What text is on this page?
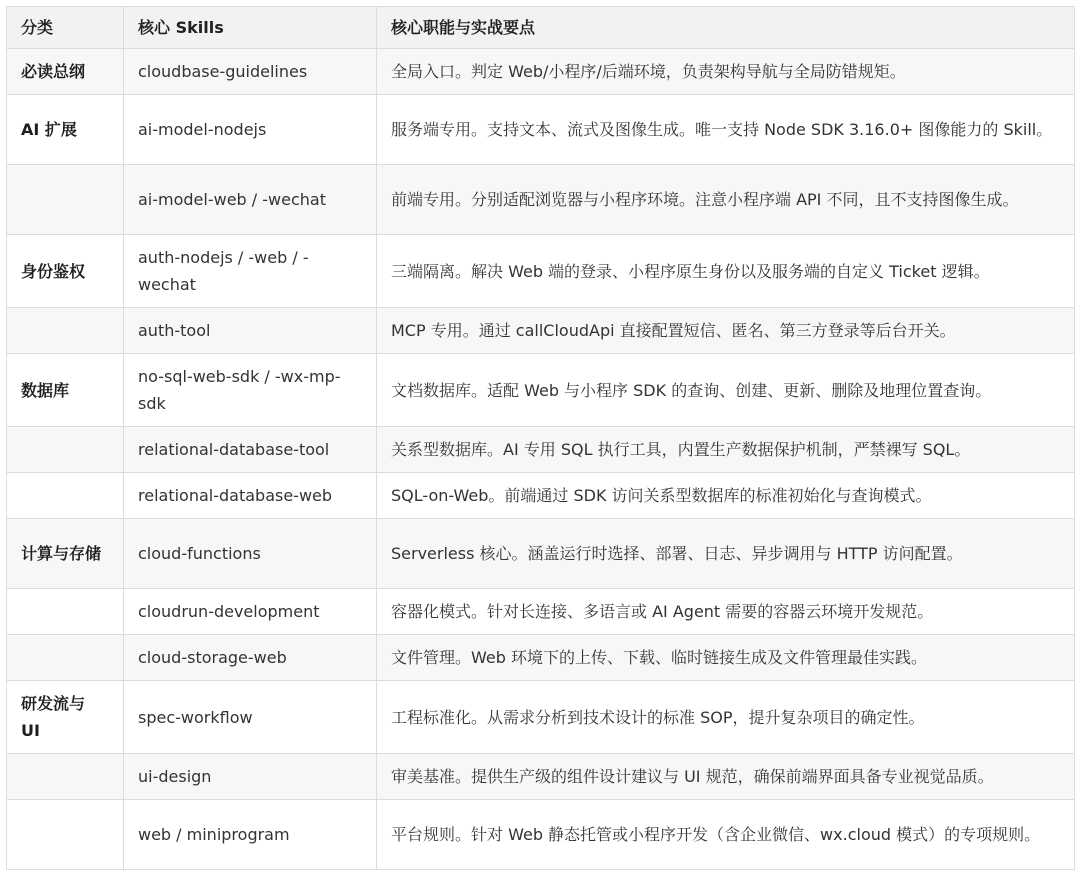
分类	核心 Skills	核心职能与实战要点
必读总纲	cloudbase-guidelines	全局入口。判定 Web/小程序/后端环境，负责架构导航与全局防错规矩。
AI 扩展	ai-model-nodejs	服务端专用。支持文本、流式及图像生成。唯一支持 Node SDK 3.16.0+ 图像能力的 Skill。
	ai-model-web / -wechat	前端专用。分别适配浏览器与小程序环境。注意小程序端 API 不同，且不支持图像生成。
身份鉴权	auth-nodejs / -web / -wechat	三端隔离。解决 Web 端的登录、小程序原生身份以及服务端的自定义 Ticket 逻辑。
	auth-tool	MCP 专用。通过 callCloudApi 直接配置短信、匿名、第三方登录等后台开关。
数据库	no-sql-web-sdk / -wx-mp-sdk	文档数据库。适配 Web 与小程序 SDK 的查询、创建、更新、删除及地理位置查询。
	relational-database-tool	关系型数据库。AI 专用 SQL 执行工具，内置生产数据保护机制，严禁裸写 SQL。
	relational-database-web	SQL-on-Web。前端通过 SDK 访问关系型数据库的标准初始化与查询模式。
计算与存储	cloud-functions	Serverless 核心。涵盖运行时选择、部署、日志、异步调用与 HTTP 访问配置。
	cloudrun-development	容器化模式。针对长连接、多语言或 AI Agent 需要的容器云环境开发规范。
	cloud-storage-web	文件管理。Web 环境下的上传、下载、临时链接生成及文件管理最佳实践。
研发流与 UI	spec-workflow	工程标准化。从需求分析到技术设计的标准 SOP，提升复杂项目的确定性。
	ui-design	审美基准。提供生产级的组件设计建议与 UI 规范，确保前端界面具备专业视觉品质。
	web / miniprogram	平台规则。针对 Web 静态托管或小程序开发（含企业微信、wx.cloud 模式）的专项规则。
